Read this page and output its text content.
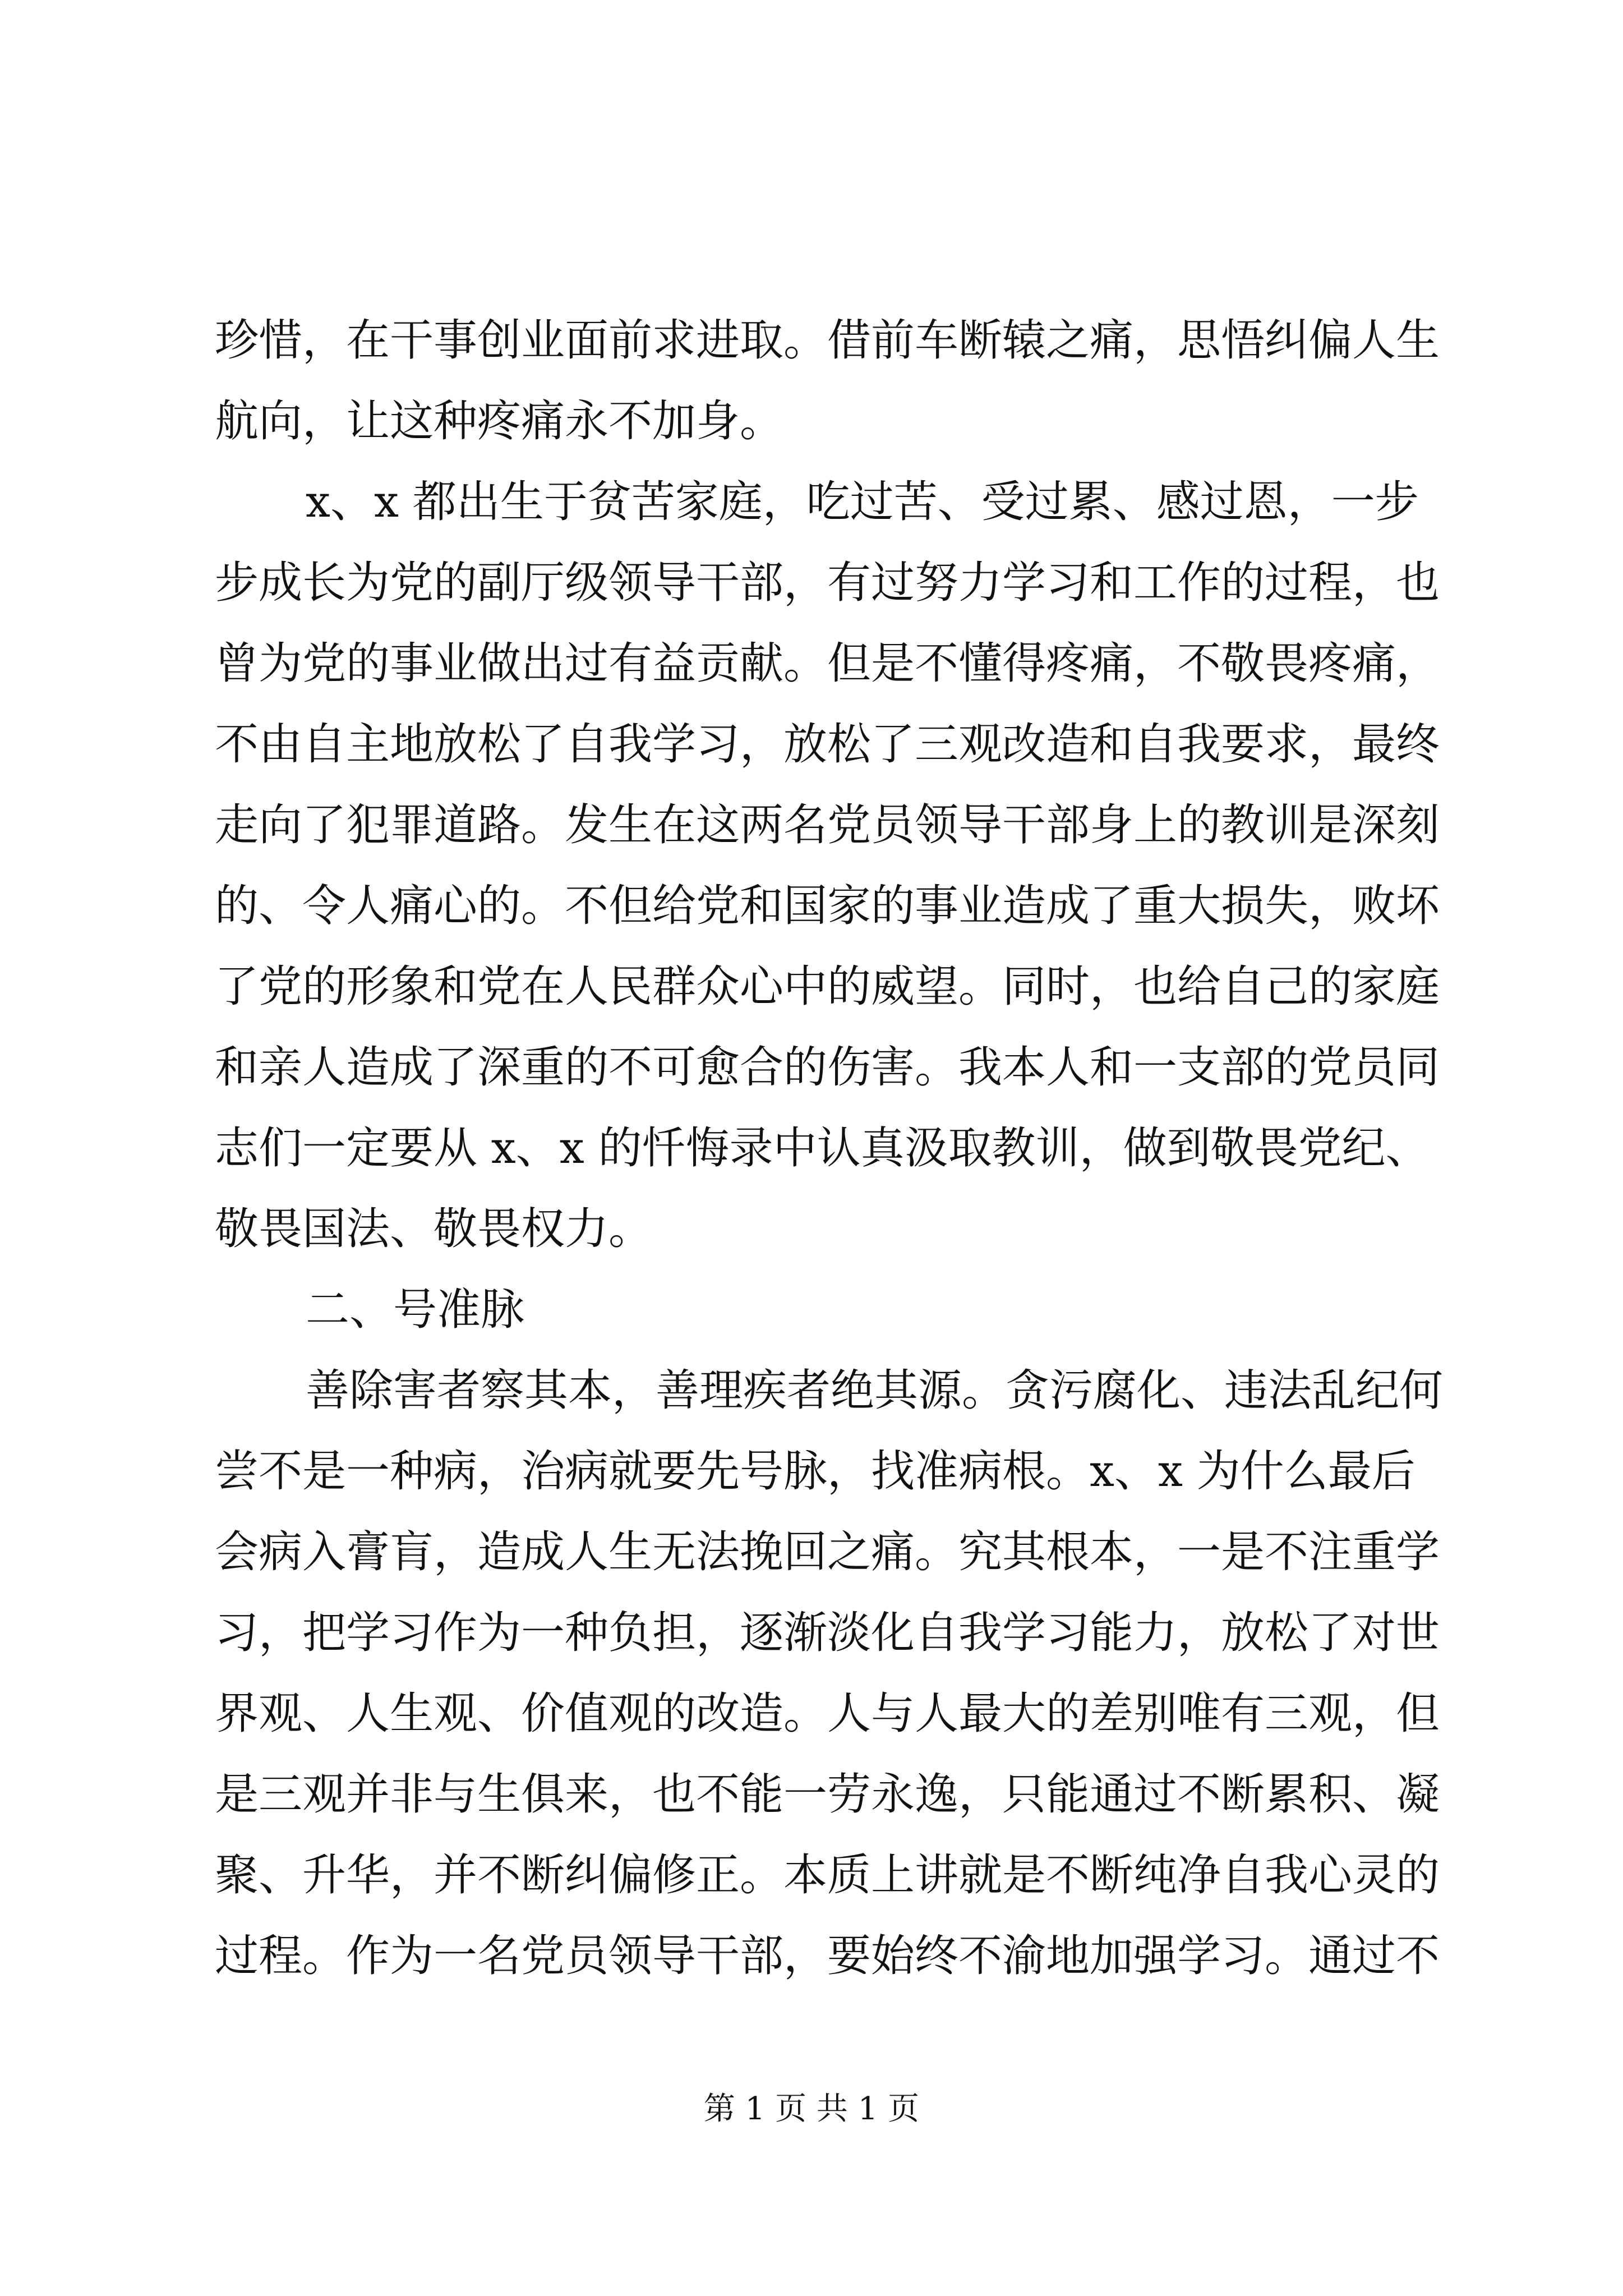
珍惜，在干事创业面前求进取。借前车断辕之痛，思悟纠偏人生
航向，让这种疼痛永不加身。
x、x 都出生于贫苦家庭，吃过苦、受过累、感过恩，一步
步成长为党的副厅级领导干部，有过努力学习和工作的过程，也
曾为党的事业做出过有益贡献。但是不懂得疼痛，不敬畏疼痛，
不由自主地放松了自我学习，放松了三观改造和自我要求，最终
走向了犯罪道路。发生在这两名党员领导干部身上的教训是深刻
的、令人痛心的。不但给党和国家的事业造成了重大损失，败坏
了党的形象和党在人民群众心中的威望。同时，也给自己的家庭
和亲人造成了深重的不可愈合的伤害。我本人和一支部的党员同
志们一定要从 x、x 的忏悔录中认真汲取教训，做到敬畏党纪、
敬畏国法、敬畏权力。
二、号准脉
善除害者察其本，善理疾者绝其源。贪污腐化、违法乱纪何
尝不是一种病，治病就要先号脉，找准病根。x、x 为什么最后
会病入膏肓，造成人生无法挽回之痛。究其根本，一是不注重学
习，把学习作为一种负担，逐渐淡化自我学习能力，放松了对世
界观、人生观、价值观的改造。人与人最大的差别唯有三观，但
是三观并非与生俱来，也不能一劳永逸，只能通过不断累积、凝
聚、升华，并不断纠偏修正。本质上讲就是不断纯净自我心灵的
过程。作为一名党员领导干部，要始终不渝地加强学习。通过不
第 1 页 共 1 页
